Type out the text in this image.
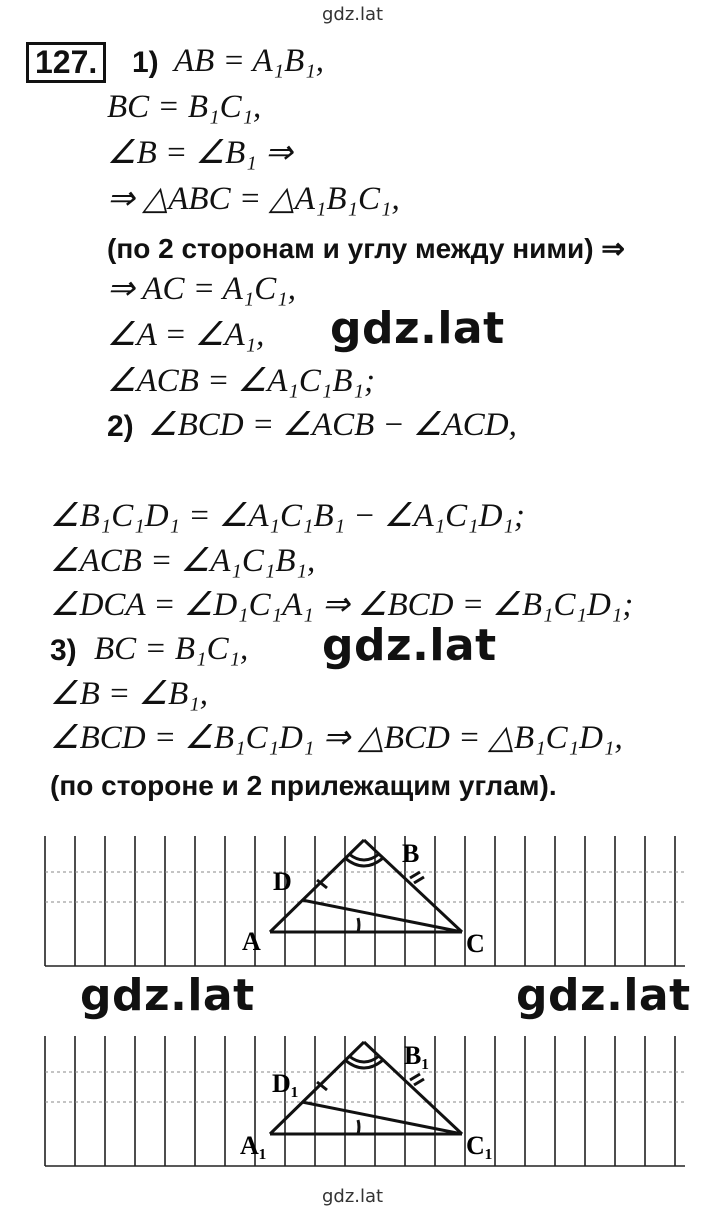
gdz.lat
127.	1) AB = A₁B₁,
BC = B₁C₁,
∠B = ∠B₁ ⇒
⇒ △ABC = △A₁B₁C₁,
(по 2 сторонам и углу между ними) ⇒
⇒ AC = A₁C₁,
∠A = ∠A₁, gdz.lat
∠ACB = ∠A₁C₁B₁;
2) ∠BCD = ∠ACB − ∠ACD,
∠B₁C₁D₁ = ∠A₁C₁B₁ − ∠A₁C₁D₁;
∠ACB = ∠A₁C₁B₁,
∠DCA = ∠D₁C₁A₁ ⇒ ∠BCD = ∠B₁C₁D₁;
3) BC = B₁C₁, gdz.lat
∠B = ∠B₁,
∠BCD = ∠B₁C₁D₁ ⇒ △BCD = △B₁C₁D₁,
(по стороне и 2 прилежащим углам).
A
B
C
D
gdz.lat	gdz.lat
A₁
B₁
C₁
D₁
gdz.lat
